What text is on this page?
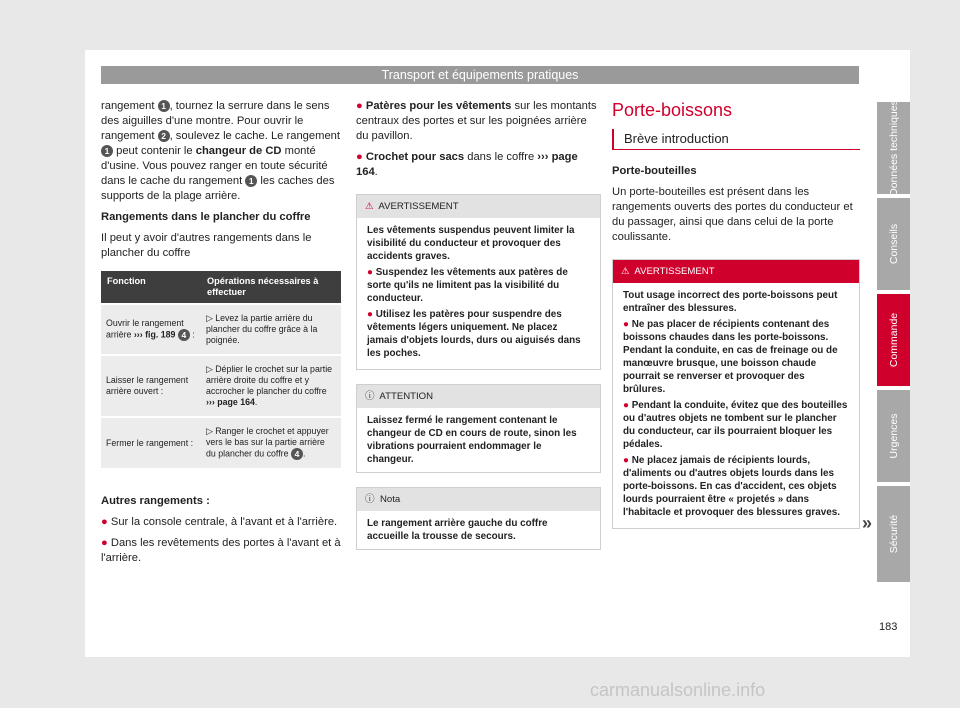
Transport et équipements pratiques

rangement 1 , tournez la serrure dans le sens des aiguilles d'une montre. Pour ouvrir le rangement 2 , soulevez le cache. Le rangement 1 peut contenir le changeur de CD monté d'usine. Vous pouvez ranger en toute sécurité dans le cache du rangement 1 les caches des supports de la plage arrière.

Rangements dans le plancher du coffre

Il peut y avoir d'autres rangements dans le plancher du coffre

Fonction	Opérations nécessaires à effectuer
Ouvrir le rangement arrière ››› fig. 189 4 :	▷ Levez la partie arrière du plancher du coffre grâce à la poignée.
Laisser le rangement arrière ouvert :	▷ Déplier le crochet sur la partie arrière droite du coffre et y accrocher le plancher du coffre ››› page 164.
Fermer le rangement :	▷ Ranger le crochet et appuyer vers le bas sur la partie arrière du plancher du coffre 4 .

Autres rangements :

● Sur la console centrale, à l'avant et à l'arrière.

● Dans les revêtements des portes à l'avant et à l'arrière.

● Patères pour les vêtements sur les montants centraux des portes et sur les poignées arrière du pavillon.

● Crochet pour sacs dans le coffre ››› page 164.

⚠ AVERTISSEMENT

Les vêtements suspendus peuvent limiter la visibilité du conducteur et provoquer des accidents graves.

● Suspendez les vêtements aux patères de sorte qu'ils ne limitent pas la visibilité du conducteur.

● Utilisez les patères pour suspendre des vêtements légers uniquement. Ne placez jamais d'objets lourds, durs ou aiguisés dans les poches.

ⓘ ATTENTION
Laissez fermé le rangement contenant le changeur de CD en cours de route, sinon les vibrations pourraient endommager le changeur.
ⓘ Nota
Le rangement arrière gauche du coffre accueille la trousse de secours.
Porte-boissons
Brève introduction

Porte-bouteilles

Un porte-bouteilles est présent dans les rangements ouverts des portes du conducteur et du passager, ainsi que dans celui de la porte coulissante.

⚠ AVERTISSEMENT

Tout usage incorrect des porte-boissons peut entraîner des blessures.

● Ne pas placer de récipients contenant des boissons chaudes dans les porte-boissons. Pendant la conduite, en cas de freinage ou de manœuvre brusque, une boisson chaude pourrait se renverser et provoquer des brûlures.

● Pendant la conduite, évitez que des bouteilles ou d'autres objets ne tombent sur le plancher du conducteur, car ils pourraient bloquer les pédales.

● Ne placez jamais de récipients lourds, d'aliments ou d'autres objets lourds dans les porte-boissons. En cas d'accident, ces objets lourds pourraient être « projetés » dans l'habitacle et provoquer des blessures graves.

»
Données techniques
Conseils
Commande
Urgences
Sécurité
183
carmanualsonline.info
